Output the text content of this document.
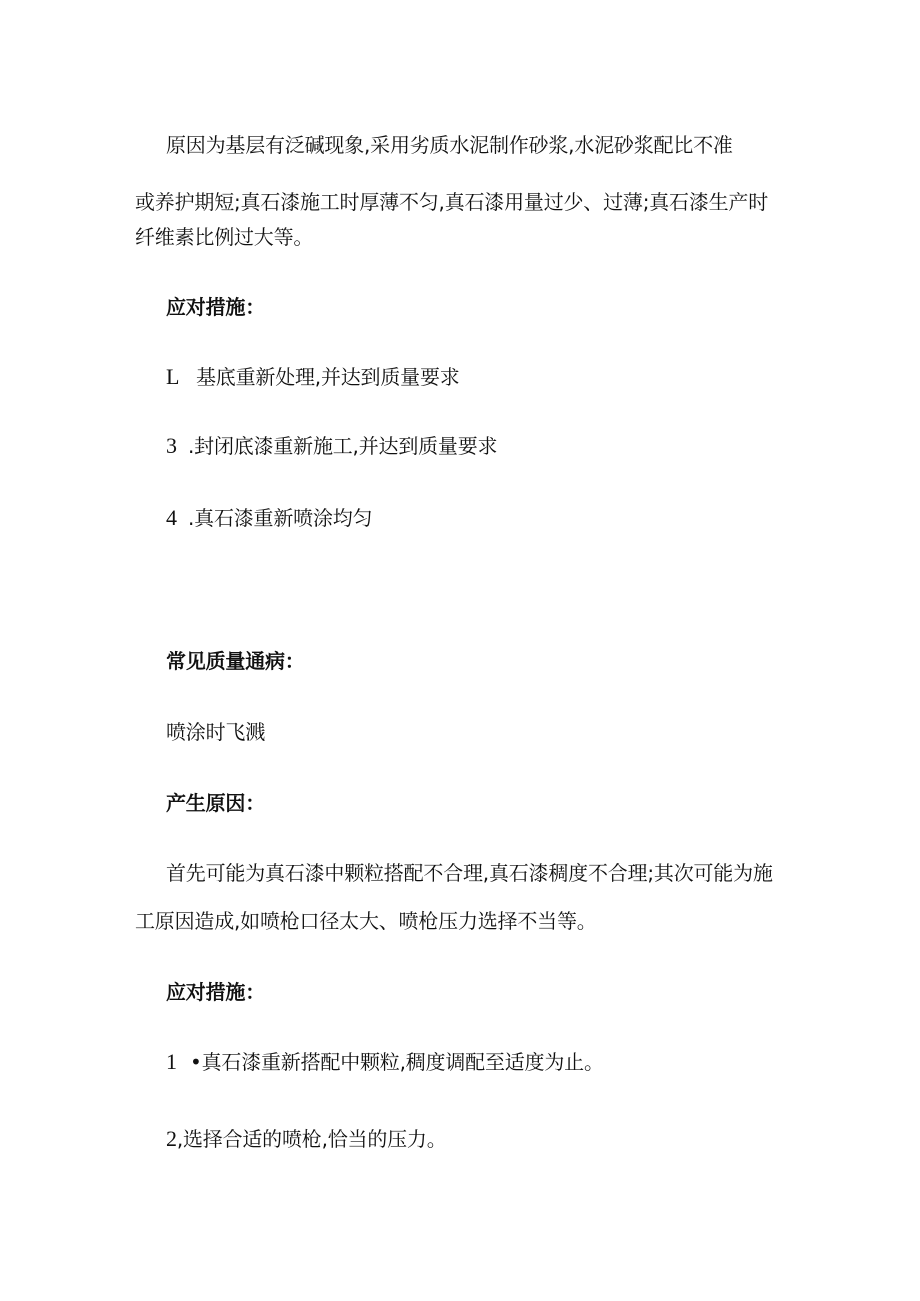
原因为基层有泛碱现象,采用劣质水泥制作砂浆,水泥砂浆配比不准
或养护期短;真石漆施工时厚薄不匀,真石漆用量过少、过薄;真石漆生产时
纤维素比例过大等。
应对措施：
L 基底重新处理,并达到质量要求
3 .封闭底漆重新施工,并达到质量要求
4 .真石漆重新喷涂均匀
常见质量通病：
喷涂时飞溅
产生原因：
首先可能为真石漆中颗粒搭配不合理,真石漆稠度不合理;其次可能为施
工原因造成,如喷枪口径太大、喷枪压力选择不当等。
应对措施：
1 •真石漆重新搭配中颗粒,稠度调配至适度为止。
2,选择合适的喷枪,恰当的压力。
